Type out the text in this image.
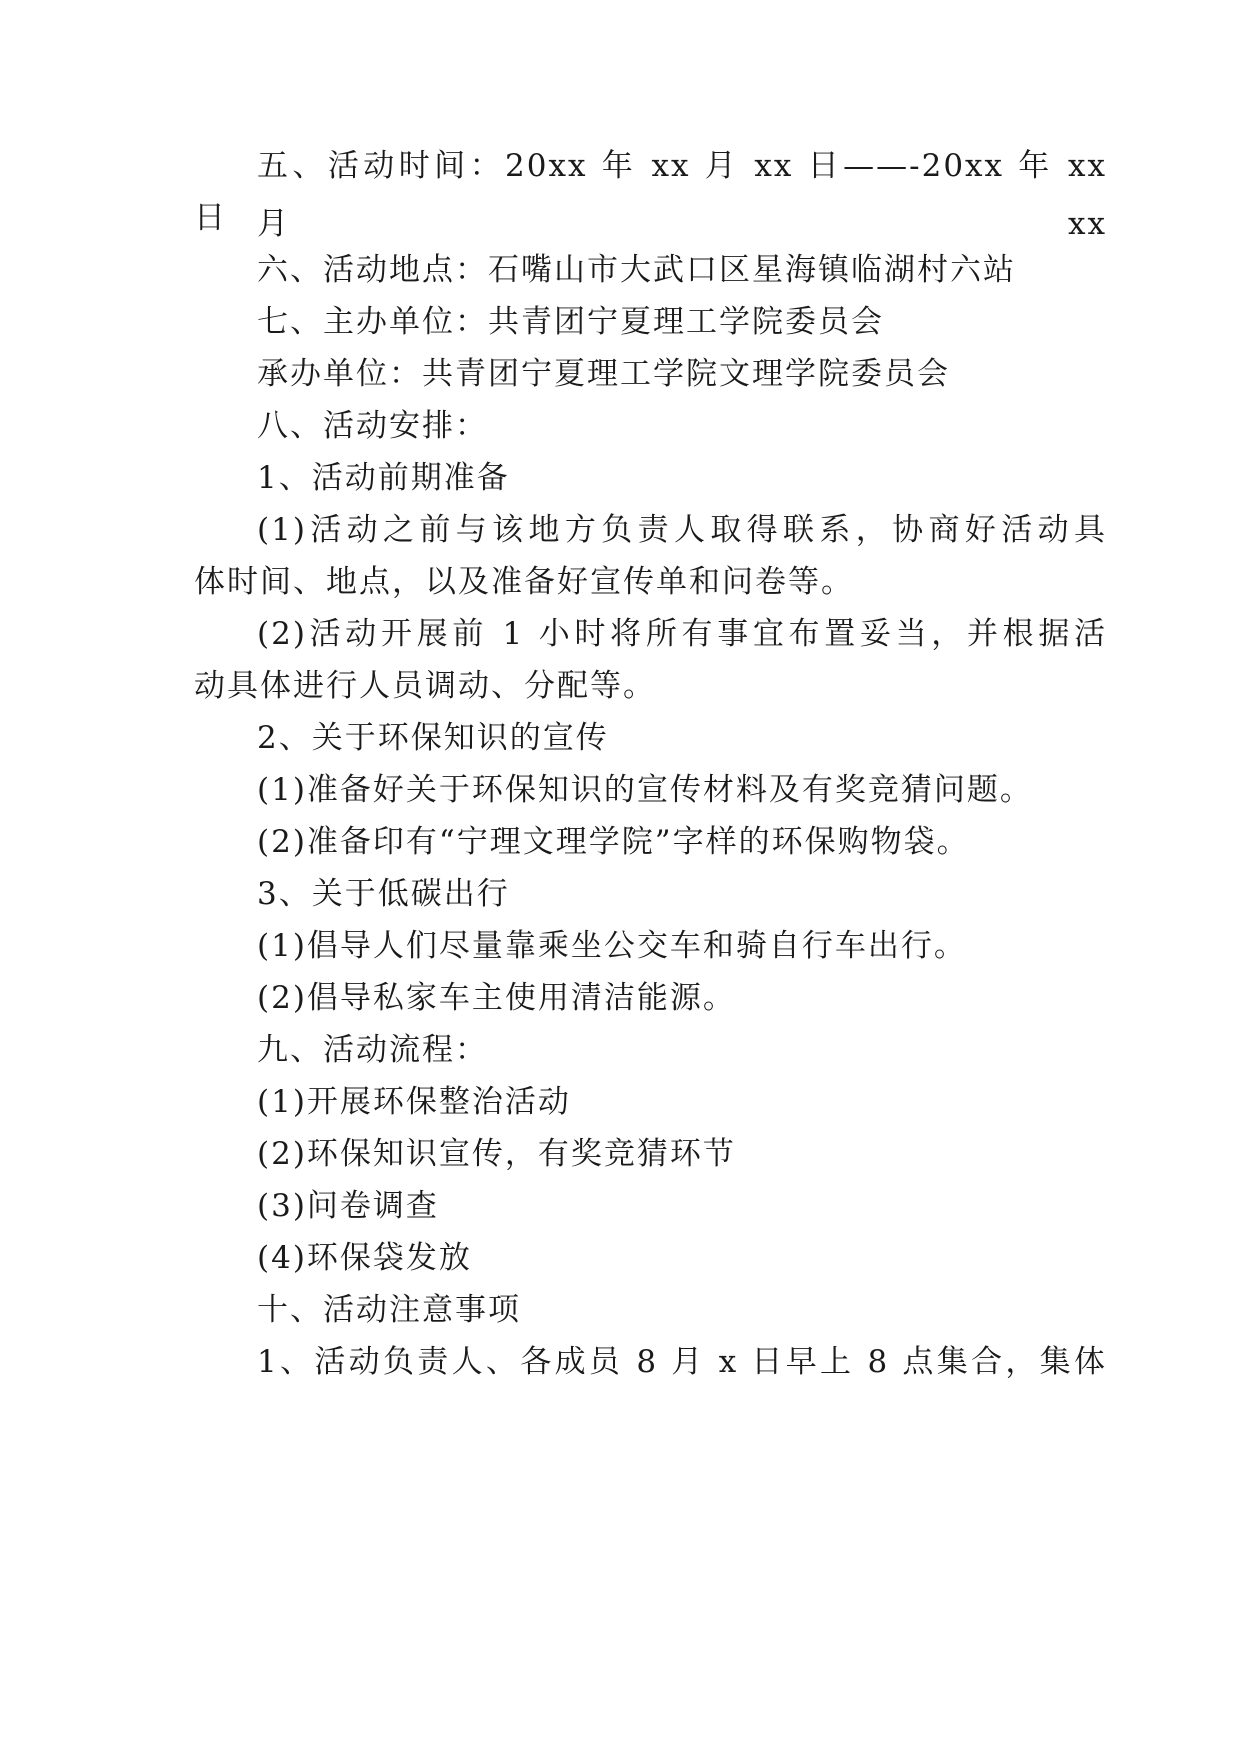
五、活动时间：20xx 年 xx 月 xx 日——-20xx 年 xx 月 xx
日
六、活动地点：石嘴山市大武口区星海镇临湖村六站
七、主办单位：共青团宁夏理工学院委员会
承办单位：共青团宁夏理工学院文理学院委员会
八、活动安排：
1、活动前期准备
(1)活动之前与该地方负责人取得联系，协商好活动具
体时间、地点，以及准备好宣传单和问卷等。
(2)活动开展前 1 小时将所有事宜布置妥当，并根据活
动具体进行人员调动、分配等。
2、关于环保知识的宣传
(1)准备好关于环保知识的宣传材料及有奖竞猜问题。
(2)准备印有“宁理文理学院”字样的环保购物袋。
3、关于低碳出行
(1)倡导人们尽量靠乘坐公交车和骑自行车出行。
(2)倡导私家车主使用清洁能源。
九、活动流程：
(1)开展环保整治活动
(2)环保知识宣传，有奖竞猜环节
(3)问卷调查
(4)环保袋发放
十、活动注意事项
1、活动负责人、各成员 8 月 x 日早上 8 点集合，集体
